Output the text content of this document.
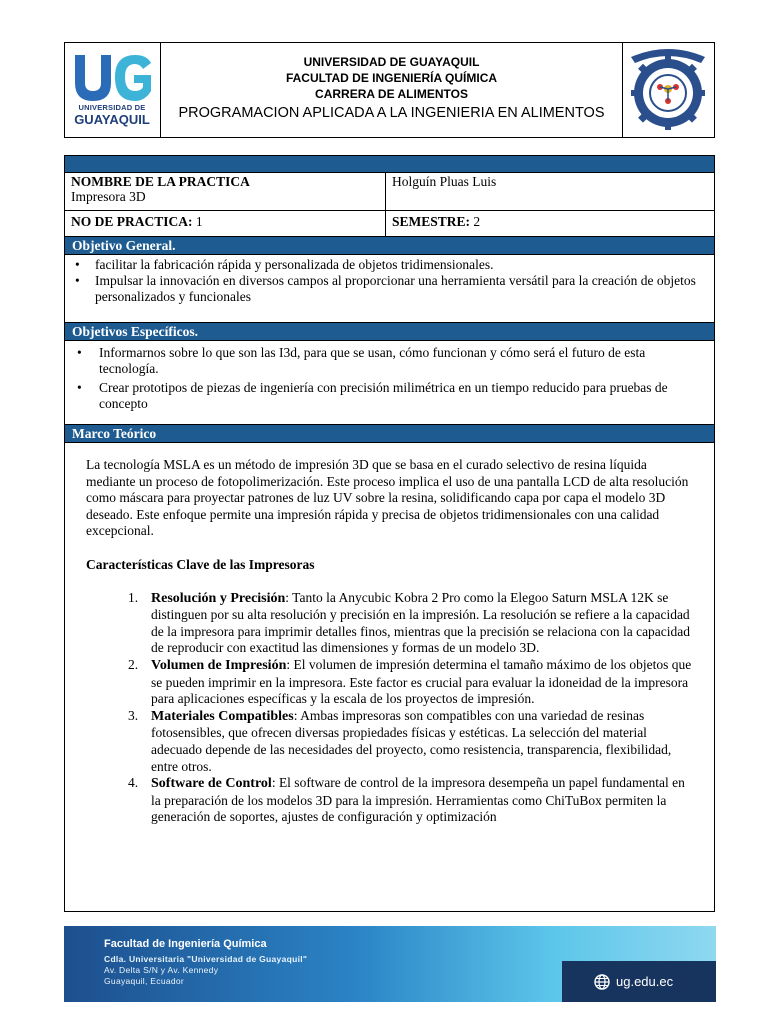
UNIVERSIDAD DE
GUAYAQUIL
UNIVERSIDAD DE GUAYAQUIL
FACULTAD DE INGENIERÍA QUÍMICA
CARRERA DE ALIMENTOS
PROGRAMACION APLICADA A LA INGENIERIA EN ALIMENTOS
NOMBRE DE LA PRACTICA
Impresora 3D
Holguín Pluas Luis
NO DE PRACTICA: 1	SEMESTRE: 2
Objetivo General.
• facilitar la fabricación rápida y personalizada de objetos tridimensionales.
• Impulsar la innovación en diversos campos al proporcionar una herramienta versátil para la creación de objetos personalizados y funcionales
Objetivos Específicos.
• Informarnos sobre lo que son las I3d, para que se usan, cómo funcionan y cómo será el futuro de esta tecnología.
• Crear prototipos de piezas de ingeniería con precisión milimétrica en un tiempo reducido para pruebas de concepto
Marco Teórico

La tecnología MSLA es un método de impresión 3D que se basa en el curado selectivo de resina líquida mediante un proceso de fotopolimerización. Este proceso implica el uso de una pantalla LCD de alta resolución como máscara para proyectar patrones de luz UV sobre la resina, solidificando capa por capa el modelo 3D deseado. Este enfoque permite una impresión rápida y precisa de objetos tridimensionales con una calidad excepcional.

Características Clave de las Impresoras
1. Resolución y Precisión: Tanto la Anycubic Kobra 2 Pro como la Elegoo Saturn MSLA 12K se distinguen por su alta resolución y precisión en la impresión. La resolución se refiere a la capacidad de la impresora para imprimir detalles finos, mientras que la precisión se relaciona con la capacidad de reproducir con exactitud las dimensiones y formas de un modelo 3D.
2. Volumen de Impresión: El volumen de impresión determina el tamaño máximo de los objetos que se pueden imprimir en la impresora. Este factor es crucial para evaluar la idoneidad de la impresora para aplicaciones específicas y la escala de los proyectos de impresión.
3. Materiales Compatibles: Ambas impresoras son compatibles con una variedad de resinas fotosensibles, que ofrecen diversas propiedades físicas y estéticas. La selección del material adecuado depende de las necesidades del proyecto, como resistencia, transparencia, flexibilidad, entre otros.
4. Software de Control: El software de control de la impresora desempeña un papel fundamental en la preparación de los modelos 3D para la impresión. Herramientas como ChiTuBox permiten la generación de soportes, ajustes de configuración y optimización
Facultad de Ingeniería Química
Cdla. Universitaria "Universidad de Guayaquil"
Av. Delta S/N y Av. Kennedy
Guayaquil, Ecuador	ug.edu.ec
